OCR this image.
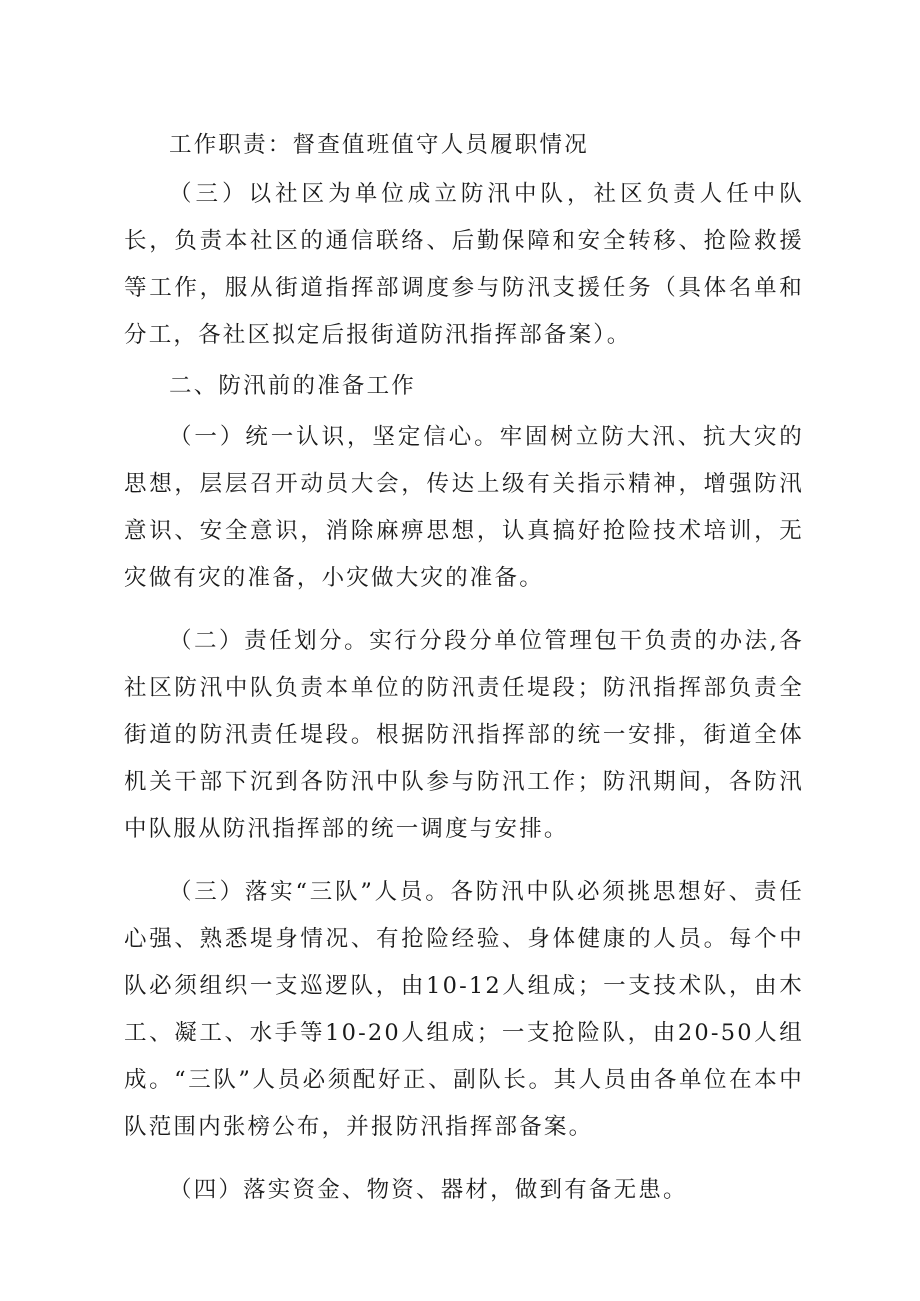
工作职责：督查值班值守人员履职情况

（三）以社区为单位成立防汛中队，社区负责人任中队长，负责本社区的通信联络、后勤保障和安全转移、抢险救援等工作，服从街道指挥部调度参与防汛支援任务（具体名单和分工，各社区拟定后报街道防汛指挥部备案）。

二、防汛前的准备工作

（一）统一认识，坚定信心。牢固树立防大汛、抗大灾的思想，层层召开动员大会，传达上级有关指示精神，增强防汛意识、安全意识，消除麻痹思想，认真搞好抢险技术培训，无灾做有灾的准备，小灾做大灾的准备。

（二）责任划分。实行分段分单位管理包干负责的办法,各社区防汛中队负责本单位的防汛责任堤段；防汛指挥部负责全街道的防汛责任堤段。根据防汛指挥部的统一安排，街道全体机关干部下沉到各防汛中队参与防汛工作；防汛期间，各防汛中队服从防汛指挥部的统一调度与安排。

（三）落实“三队”人员。各防汛中队必须挑思想好、责任心强、熟悉堤身情况、有抢险经验、身体健康的人员。每个中队必须组织一支巡逻队，由10-12人组成；一支技术队，由木工、凝工、水手等10-20人组成；一支抢险队，由20-50人组成。“三队”人员必须配好正、副队长。其人员由各单位在本中队范围内张榜公布，并报防汛指挥部备案。

（四）落实资金、物资、器材，做到有备无患。
